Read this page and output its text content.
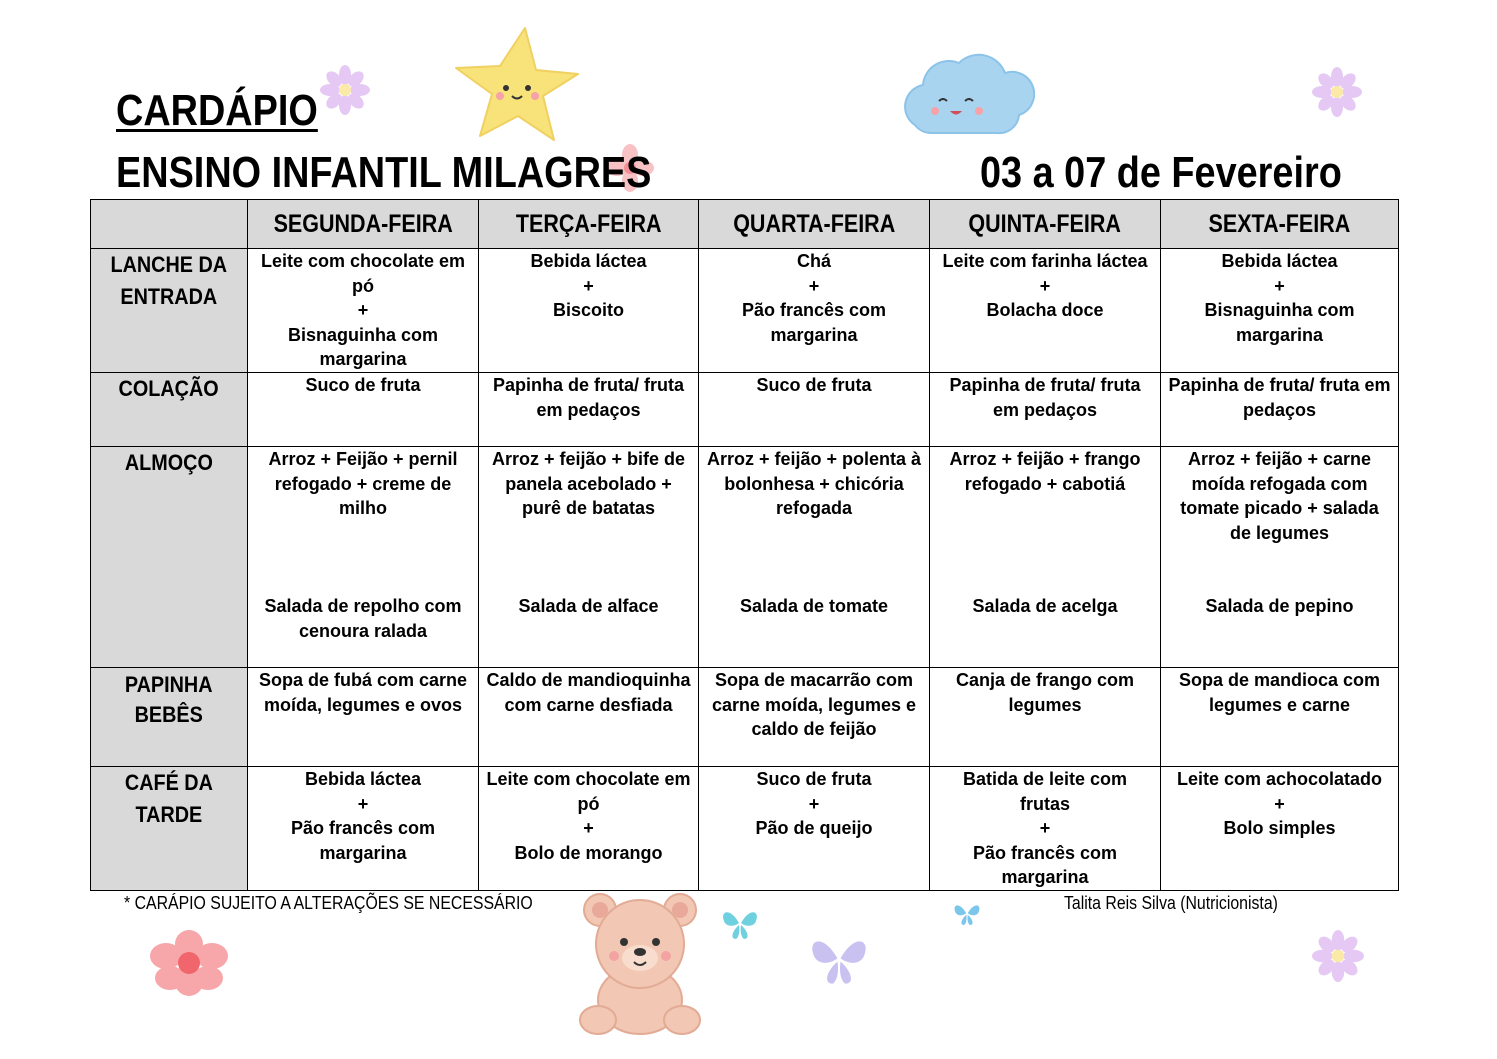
CARDÁPIO
ENSINO INFANTIL MILAGRES	03 a 07 de Fevereiro
	SEGUNDA-FEIRA	TERÇA-FEIRA	QUARTA-FEIRA	QUINTA-FEIRA	SEXTA-FEIRA
LANCHE DA
ENTRADA	Leite com chocolate em
pó
+
Bisnaguinha com
margarina	Bebida láctea
+
Biscoito	Chá
+
Pão francês com
margarina	Leite com farinha láctea
+
Bolacha doce	Bebida láctea
+
Bisnaguinha com
margarina

COLAÇÃO	Suco de fruta	Papinha de fruta/ fruta
em pedaços	Suco de fruta	Papinha de fruta/ fruta
em pedaços	Papinha de fruta/ fruta em
pedaços

ALMOÇO	Arroz + Feijão + pernil
refogado + creme de
milho
Salada de repolho com
cenoura ralada	Arroz + feijão + bife de
panela acebolado +
purê de batatas
Salada de alface	Arroz + feijão + polenta à
bolonhesa + chicória
refogada
Salada de tomate	Arroz + feijão + frango
refogado + cabotiá
Salada de acelga	Arroz + feijão + carne
moída refogada com
tomate picado + salada
de legumes
Salada de pepino

PAPINHA
BEBÊS	Sopa de fubá com carne
moída, legumes e ovos	Caldo de mandioquinha
com carne desfiada	Sopa de macarrão com
carne moída, legumes e
caldo de feijão	Canja de frango com
legumes	Sopa de mandioca com
legumes e carne

CAFÉ DA
TARDE	Bebida láctea
+
Pão francês com
margarina	Leite com chocolate em
pó
+
Bolo de morango	Suco de fruta
+
Pão de queijo	Batida de leite com
frutas
+
Pão francês com
margarina	Leite com achocolatado
+
Bolo simples
* CARÁPIO SUJEITO A ALTERAÇÕES SE NECESSÁRIO	Talita Reis Silva (Nutricionista)
